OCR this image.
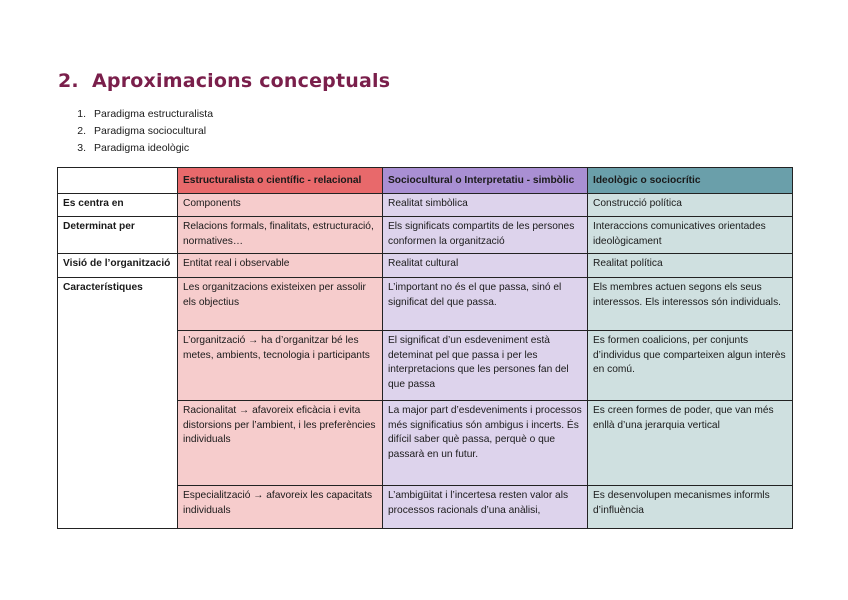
2. Aproximacions conceptuals
1. Paradigma estructuralista
2. Paradigma sociocultural
3. Paradigma ideològic
	Estructuralista o científic - relacional	Sociocultural o Interpretatiu - simbòlic	Ideològic o sociocrític
Es centra en	Components	Realitat simbòlica	Construcció política
Determinat per	Relacions formals, finalitats, estructuració, normatives…	Els significats compartits de les persones conformen la organització	Interaccions comunicatives orientades ideològicament
Visió de l’organització	Entitat real i observable	Realitat cultural	Realitat política
Característiques	Les organitzacions existeixen per assolir els objectius	L’important no és el que passa, sinó el significat del que passa.	Els membres actuen segons els seus interessos. Els interessos són individuals.
	L’organització → ha d’organitzar bé les metes, ambients, tecnologia i participants	El significat d’un esdeveniment està deteminat pel que passa i per les interpretacions que les persones fan del que passa	Es formen coalicions, per conjunts d’individus que comparteixen algun interès en comú.
	Racionalitat → afavoreix eficàcia i evita distorsions per l’ambient, i les preferències individuals	La major part d’esdeveniments i processos més significatius són ambigus i incerts. És difícil saber què passa, perquè o que passarà en un futur.	Es creen formes de poder, que van més enllà d’una jerarquia vertical
	Especialització → afavoreix les capacitats individuals	L’ambigüitat i l’incertesa resten valor als processos racionals d’una anàlisi,	Es desenvolupen mecanismes informls d’influència
